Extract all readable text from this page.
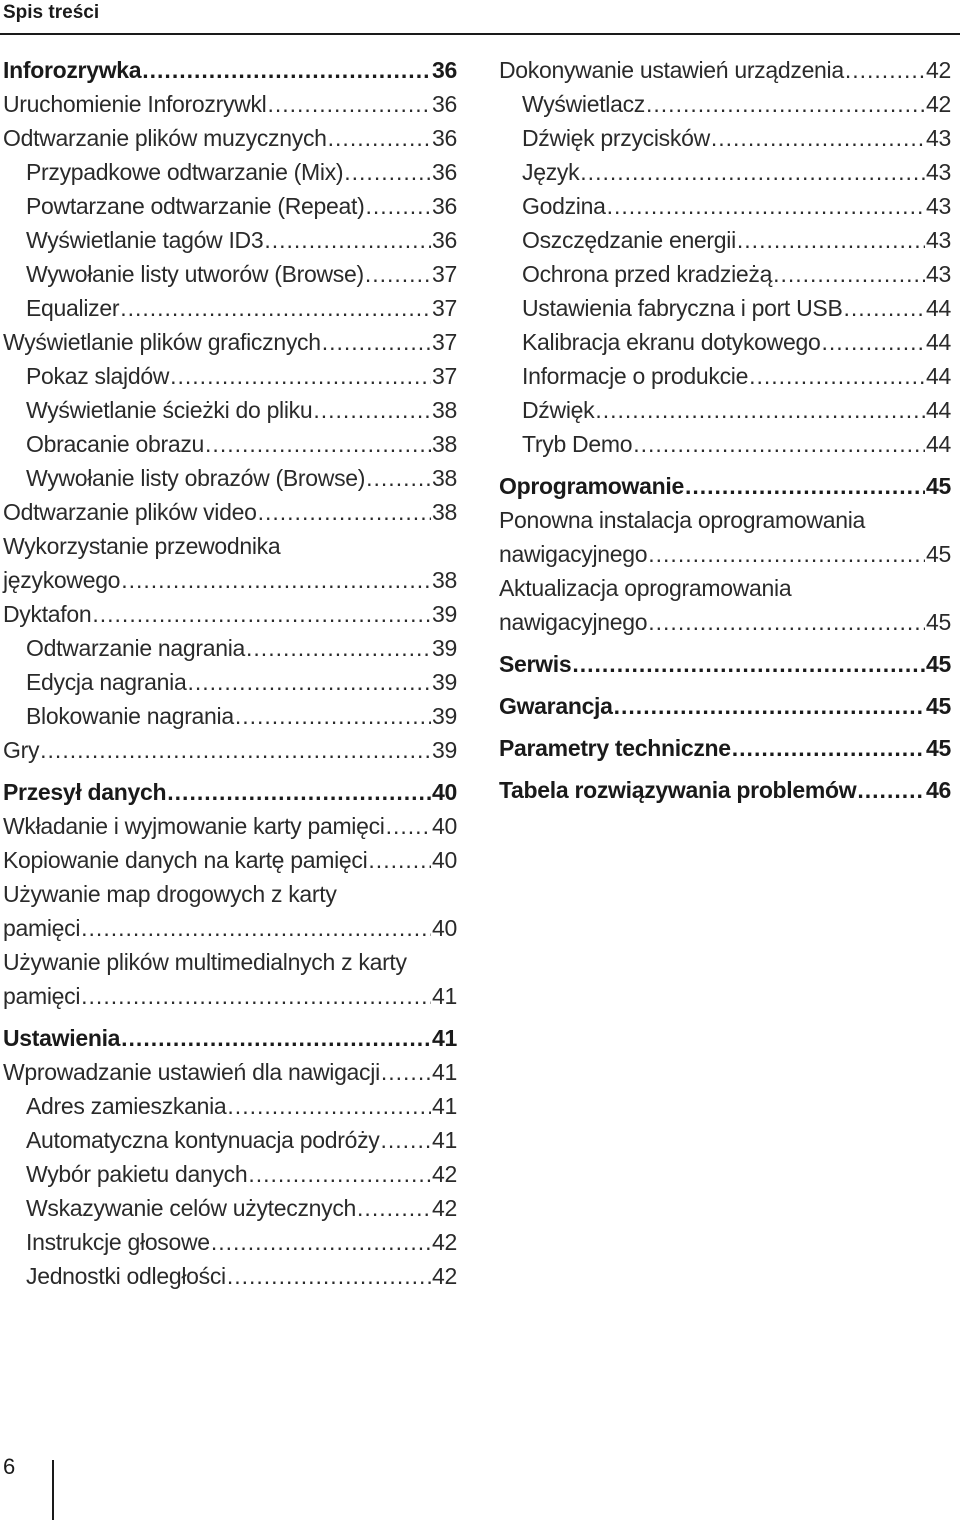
Spis treści
Inforozrywka .....	36
Uruchomienie Inforozrywkl .....	36
Odtwarzanie plików muzycznych .....	36
Przypadkowe odtwarzanie (Mix) .....	36
Powtarzane odtwarzanie (Repeat) .....	36
Wyświetlanie tagów ID3 .....	36
Wywołanie listy utworów (Browse) .....	37
Equalizer .....	37
Wyświetlanie plików graficznych .....	37
Pokaz slajdów .....	37
Wyświetlanie ścieżki do pliku .....	38
Obracanie obrazu .....	38
Wywołanie listy obrazów (Browse) .....	38
Odtwarzanie plików video .....	38
Wykorzystanie przewodnika
językowego .....	38
Dyktafon .....	39
Odtwarzanie nagrania .....	39
Edycja nagrania .....	39
Blokowanie nagrania .....	39
Gry .....	39
Przesył danych .....	40
Wkładanie i wyjmowanie karty pamięci ..... 40
Kopiowanie danych na kartę pamięci .....	40
Używanie map drogowych z karty
pamięci .....	40
Używanie plików multimedialnych z karty
pamięci .....	41
Ustawienia .....	41
Wprowadzanie ustawień dla nawigacji ..... 41
Adres zamieszkania .....	41
Automatyczna kontynuacja podróży ..... 41
Wybór pakietu danych .....	42
Wskazywanie celów użytecznych .....	42
Instrukcje głosowe .....	42
Jednostki odległości .....	42
Dokonywanie ustawień urządzenia .....	42
Wyświetlacz .....	42
Dźwięk przycisków .....	43
Język .....	43
Godzina .....	43
Oszczędzanie energii .....	43
Ochrona przed kradzieżą .....	43
Ustawienia fabryczna i port USB .....	44
Kalibracja ekranu dotykowego .....	44
Informacje o produkcie .....	44
Dźwięk .....	44
Tryb Demo .....	44
Oprogramowanie .....	45
Ponowna instalacja oprogramowania
nawigacyjnego .....	45
Aktualizacja oprogramowania
nawigacyjnego .....	45
Serwis .....	45
Gwarancja .....	45
Parametry techniczne .....	45
Tabela rozwiązywania problemów .....	46
6
